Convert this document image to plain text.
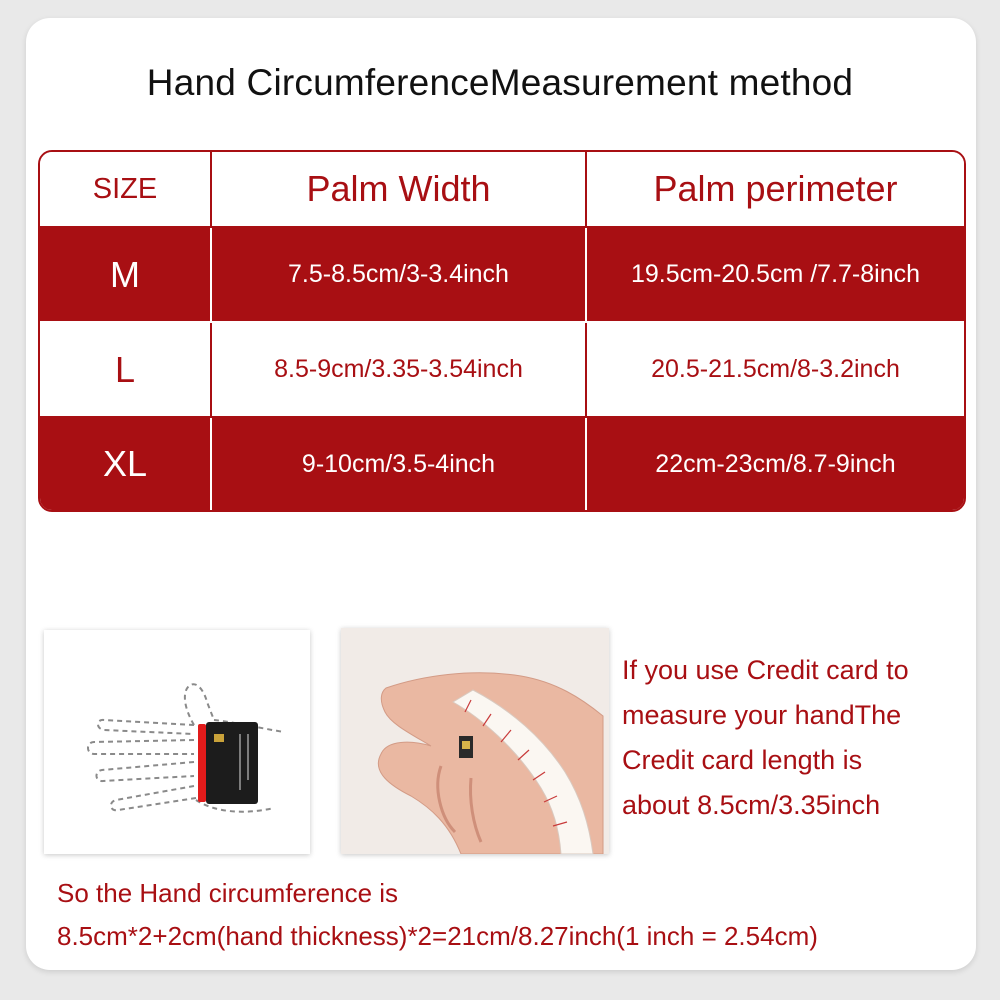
Hand CircumferenceMeasurement method
SIZE	Palm Width	Palm perimeter
M	7.5-8.5cm/3-3.4inch	19.5cm-20.5cm /7.7-8inch
L	8.5-9cm/3.35-3.54inch	20.5-21.5cm/8-3.2inch
XL	9-10cm/3.5-4inch	22cm-23cm/8.7-9inch
If you use Credit card to
measure your handThe
Credit card length is
about 8.5cm/3.35inch
So the Hand circumference is
8.5cm*2+2cm(hand thickness)*2=21cm/8.27inch(1 inch = 2.54cm)
